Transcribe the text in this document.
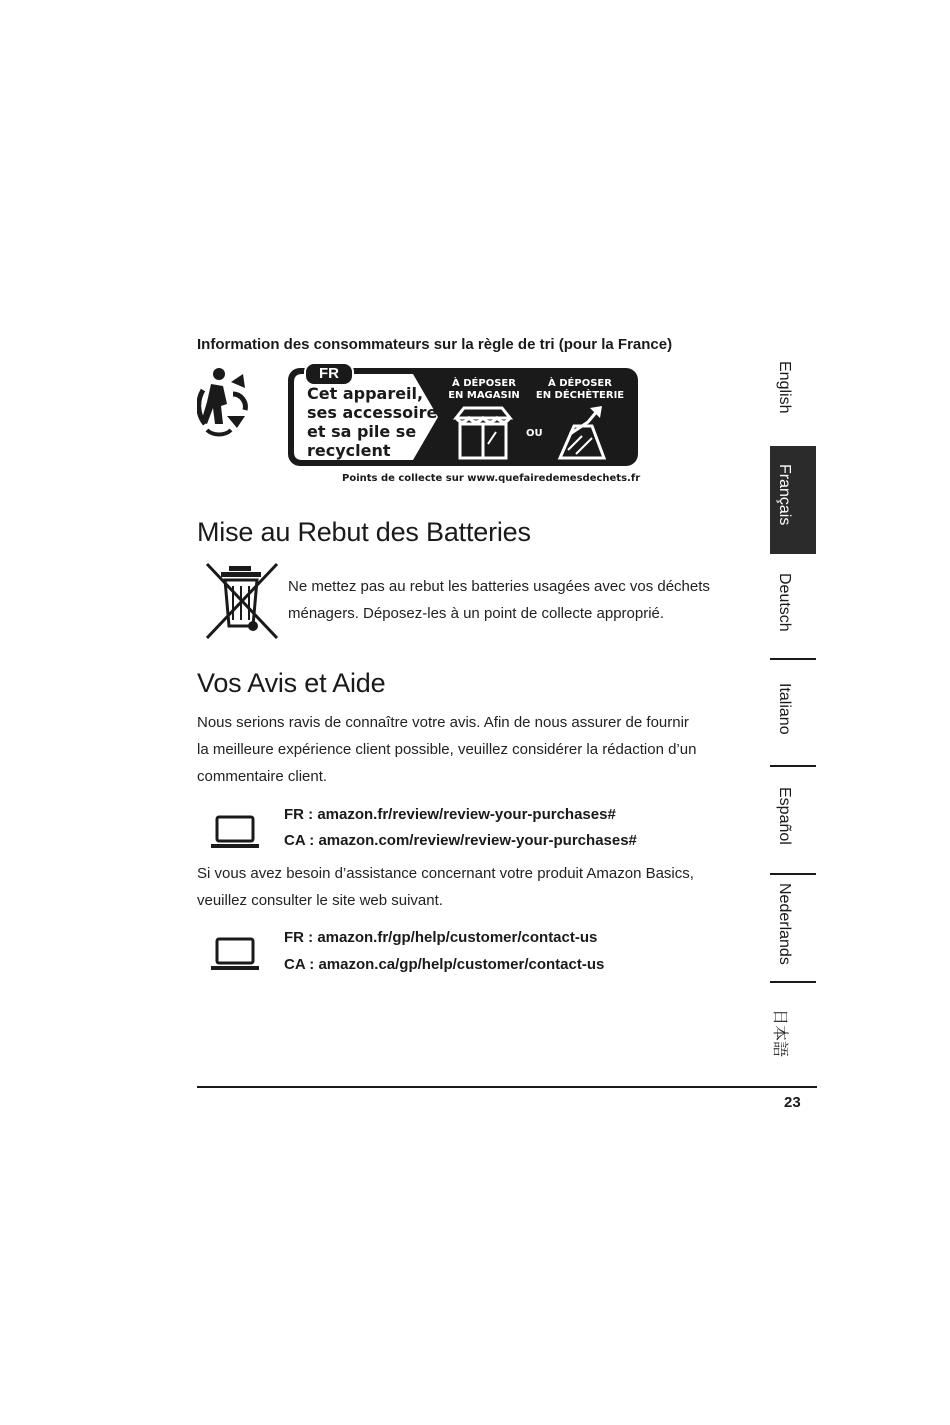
Information des consommateurs sur la règle de tri (pour la France)
FR
Cet appareil,
ses accessoires
et sa pile se
recyclent
À DÉPOSER
EN MAGASIN
À DÉPOSER
EN DÉCHÈTERIE
OU
Points de collecte sur www.quefairedemesdechets.fr
Mise au Rebut des Batteries
Ne mettez pas au rebut les batteries usagées avec vos déchets
ménagers. Déposez-les à un point de collecte approprié.
Vos Avis et Aide
Nous serions ravis de connaître votre avis. Afin de nous assurer de fournir
la meilleure expérience client possible, veuillez considérer la rédaction d’un
commentaire client.
FR : amazon.fr/review/review-your-purchases#
CA : amazon.com/review/review-your-purchases#
Si vous avez besoin d’assistance concernant votre produit Amazon Basics,
veuillez consulter le site web suivant.
FR : amazon.fr/gp/help/customer/contact-us
CA : amazon.ca/gp/help/customer/contact-us
English
Français
Deutsch
Italiano
Español
Nederlands
日本語
23
